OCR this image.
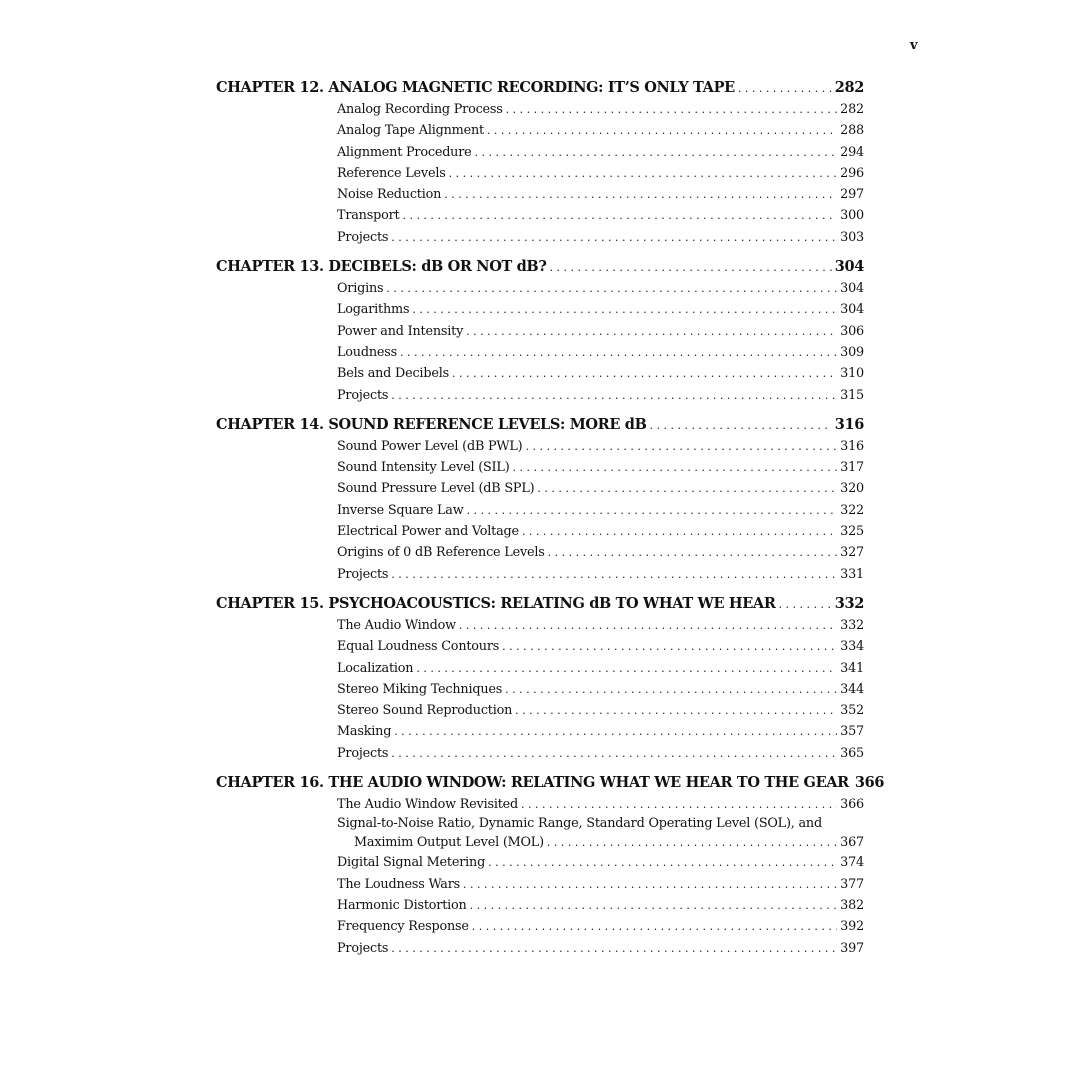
v
CHAPTER 12. ANALOG MAGNETIC RECORDING: IT’S ONLY TAPE . . .	282
Analog Recording Process . . .	282
Analog Tape Alignment . . .	288
Alignment Procedure . . .	294
Reference Levels . . .	296
Noise Reduction . . .	297
Transport . . .	300
Projects . . .	303
CHAPTER 13. DECIBELS: dB OR NOT dB? . . .	304
Origins . . .	304
Logarithms . . .	304
Power and Intensity . . .	306
Loudness . . .	309
Bels and Decibels . . .	310
Projects . . .	315
CHAPTER 14. SOUND REFERENCE LEVELS: MORE dB . . .	316
Sound Power Level (dB PWL) . . .	316
Sound Intensity Level (SIL) . . .	317
Sound Pressure Level (dB SPL) . . .	320
Inverse Square Law . . .	322
Electrical Power and Voltage . . .	325
Origins of 0 dB Reference Levels . . .	327
Projects . . .	331
CHAPTER 15. PSYCHOACOUSTICS: RELATING dB TO WHAT WE HEAR . . .	332
The Audio Window . . .	332
Equal Loudness Contours . . .	334
Localization . . .	341
Stereo Miking Techniques . . .	344
Stereo Sound Reproduction . . .	352
Masking . . .	357
Projects . . .	365
CHAPTER 16. THE AUDIO WINDOW: RELATING WHAT WE HEAR TO THE GEAR 366
The Audio Window Revisited . . .	366
Signal-to-Noise Ratio, Dynamic Range, Standard Operating Level (SOL), and
Maximim Output Level (MOL) . . .	367
Digital Signal Metering . . .	374
The Loudness Wars . . .	377
Harmonic Distortion . . .	382
Frequency Response . . .	392
Projects . . .	397
